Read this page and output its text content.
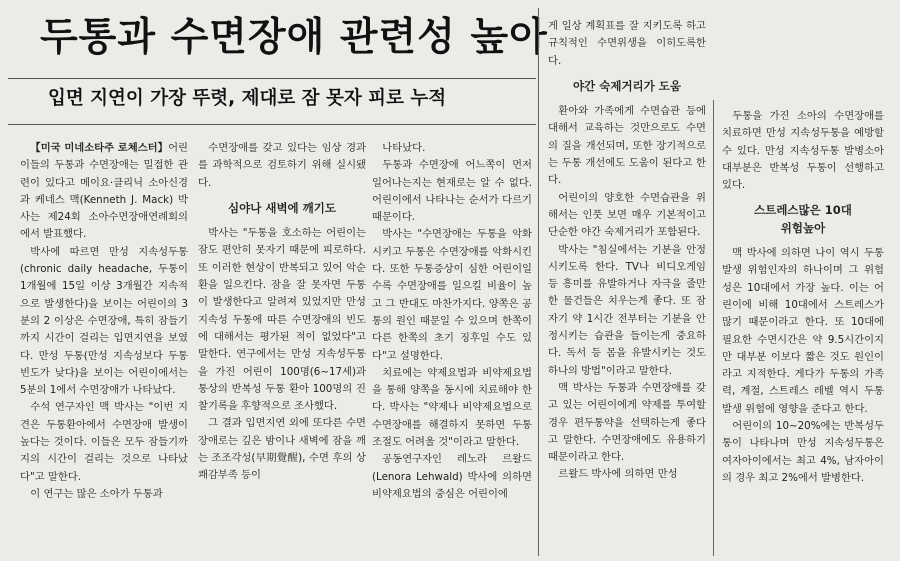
두통과 수면장애 관련성 높아
입면 지연이 가장 뚜렷, 제대로 잠 못자 피로 누적

【미국 미네소타주 로체스터】어린이들의 두통과 수면장애는 밀접한 관련이 있다고 메이요·클리닉 소아신경과 케네스 맥(Kenneth J. Mack) 박사는 제24회 소아수면장애연례회의에서 발표했다.

박사에 따르면 만성 지속성두통(chronic daily headache, 두통이 1개월에 15일 이상 3개월간 지속적으로 발생한다)을 보이는 어린이의 3분의 2 이상은 수면장애, 특히 잠들기까지 시간이 걸리는 입면지연을 보였다. 만성 두통(만성 지속성보다 두통 빈도가 낮다)을 보이는 어린이에서는 5분의 1에서 수면장애가 나타났다.

수석 연구자인 맥 박사는 "이번 지견은 두통환아에서 수면장애 발생이 높다는 것이다. 이들은 모두 잠들기까지의 시간이 걸리는 것으로 나타났다"고 말한다.

이 연구는 많은 소아가 두통과

수면장애를 갖고 있다는 임상 경과를 과학적으로 검토하기 위해 실시됐다.

심야나 새벽에 깨기도

박사는 "두통을 호소하는 어린이는 잠도 편안히 못자기 때문에 피로하다. 또 이러한 현상이 반복되고 있어 악순환을 일으킨다. 잠을 잘 못자면 두통이 발생한다고 알려져 있었지만 만성 지속성 두통에 따른 수면장애의 빈도에 대해서는 평가된 적이 없었다"고 말한다. 연구에서는 만성 지속성두통을 가진 어린이 100명(6~17세)과 통상의 반복성 두통 환아 100명의 진찰기록을 후향적으로 조사했다.

그 결과 입면지연 외에 또다른 수면장애로는 깊은 밤이나 새벽에 잠을 깨는 조조각성(早期覺醒), 수면 후의 상쾌감부족 등이

나타났다.

두통과 수면장애 어느쪽이 먼저 일어나는지는 현재로는 알 수 없다. 어린이에서 나타나는 순서가 다르기 때문이다.

박사는 "수면장애는 두통을 악화시키고 두통은 수면장애를 악화시킨다. 또한 두통증상이 심한 어린이일수록 수면장애를 일으킬 비율이 높고 그 반대도 마찬가지다. 양쪽은 공통의 원인 때문일 수 있으며 한쪽이 다른 한쪽의 초기 징후일 수도 있다"고 설명한다.

치료에는 약제요법과 비약제요법을 통해 양쪽을 동시에 치료해야 한다. 박사는 "약제나 비약제요법으로 수면장애를 해결하지 못하면 두통 조절도 어려울 것"이라고 말한다.

공동연구자인 레노라 르왈드(Lenora Lehwald) 박사에 의하면 비약제요법의 중심은 어린이에

게 일상 계획표를 잘 지키도록 하고 규칙적인 수면위생을 이히도록한다.

야간 숙제거리가 도움

환아와 가족에게 수면습관 등에 대해서 교육하는 것만으로도 수면의 질을 개선되며, 또한 장기적으로는 두통 개선에도 도움이 된다고 한다.

어린이의 양호한 수면습관을 위해서는 인풋 보면 매우 기본적이고 단순한 야간 숙제거리가 포함된다.

박사는 "침실에서는 기분을 안정시키도록 한다. TV나 비디오게임 등 흥미를 유발하거나 자극을 줄만한 물건들은 치우는게 좋다. 또 잠자기 약 1시간 전부터는 기분을 안정시키는 습관을 들이는게 중요하다. 독서 등 몸을 유발시키는 것도 하나의 방법"이라고 말한다.

맥 박사는 두통과 수면장애를 갖고 있는 어린이에게 약제를 투여할 경우 편두통약을 선택하는게 좋다고 말한다. 수면장애에도 유용하기 때문이라고 한다.

르왈드 박사에 의하면 만성

두통을 가진 소아의 수면장애를 치료하면 만성 지속성두통을 예방할 수 있다. 만성 지속성두통 발병소아 대부분은 반복성 두통이 선행하고 있다.

스트레스많은 10대
위험높아

맥 박사에 의하면 나이 역시 두통 발생 위험인자의 하나이며 그 위험성은 10대에서 가장 높다. 이는 어린이에 비해 10대에서 스트레스가 많기 때문이라고 한다. 또 10대에 필요한 수면시간은 약 9.5시간이지만 대부분 이보다 짧은 것도 원인이라고 지적한다. 게다가 두통의 가족력, 계절, 스트레스 레벨 역시 두통 발생 위험에 영향을 준다고 한다.

어린이의 10~20%에는 반복성두통이 나타나며 만성 지속성두통은 여자아이에서는 최고 4%, 남자아이의 경우 최고 2%에서 발병한다.
